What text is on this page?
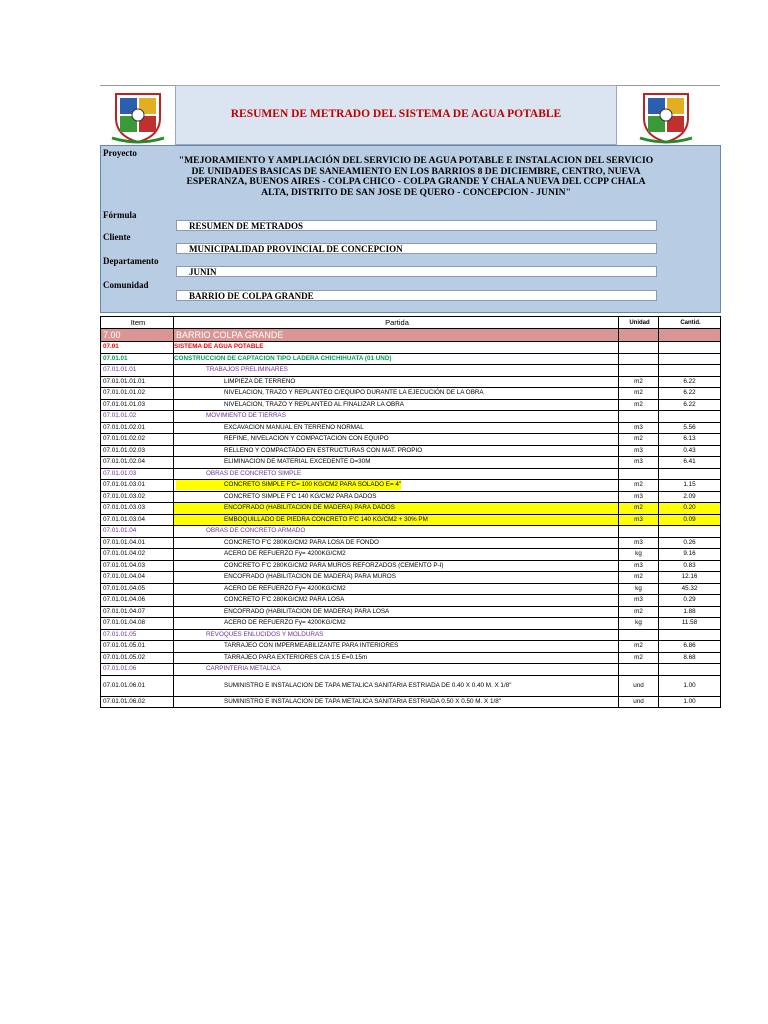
RESUMEN DE METRADO DEL SISTEMA DE AGUA POTABLE
Proyecto
"MEJORAMIENTO Y AMPLIACIÓN DEL SERVICIO DE AGUA POTABLE E INSTALACION DEL SERVICIO DE UNIDADES BASICAS DE SANEAMIENTO EN LOS BARRIOS 8 DE DICIEMBRE, CENTRO, NUEVA ESPERANZA, BUENOS AIRES - COLPA CHICO - COLPA GRANDE Y CHALA NUEVA DEL CCPP CHALA ALTA, DISTRITO DE SAN JOSE DE QUERO - CONCEPCION - JUNIN"
Fórmula
RESUMEN DE METRADOS
Cliente
MUNICIPALIDAD PROVINCIAL DE CONCEPCION
Departamento
JUNIN
Comunidad
BARRIO DE COLPA GRANDE
Item	Partida	Unidad	Cantid.
7.00	BARRIO COLPA GRANDE		
07.01	SISTEMA DE AGUA POTABLE		
07.01.01	CONSTRUCCION DE CAPTACION TIPO LADERA CHICHIHUATA (01 UND)		
07.01.01.01	TRABAJOS PRELIMINARES		
07.01.01.01.01	LIMPIEZA DE TERRENO	m2	6.22
07.01.01.01.02	NIVELACION, TRAZO Y REPLANTEO C/EQUIPO DURANTE LA EJECUCIÓN DE LA OBRA	m2	6.22
07.01.01.01.03	NIVELACION, TRAZO Y REPLANTEO AL FINALIZAR LA OBRA	m2	6.22
07.01.01.02	MOVIMIENTO DE TIERRAS		
07.01.01.02.01	EXCAVACION MANUAL EN TERRENO NORMAL	m3	5.56
07.01.01.02.02	REFINE, NIVELACION Y COMPACTACION CON EQUIPO	m2	6.13
07.01.01.02.03	RELLENO Y COMPACTADO EN ESTRUCTURAS CON MAT. PROPIO	m3	0.43
07.01.01.02.04	ELIMINACION DE MATERIAL EXCEDENTE D=30M	m3	6.41
07.01.01.03	OBRAS DE CONCRETO SIMPLE		
07.01.01.03.01	CONCRETO SIMPLE F'C= 100 KG/CM2 PARA SOLADO E= 4"	m2	1.15
07.01.01.03.02	CONCRETO SIMPLE F'C 140 KG/CM2 PARA DADOS	m3	2.09
07.01.01.03.03	ENCOFRADO (HABILITACION DE MADERA) PARA DADOS	m2	0.20
07.01.01.03.04	EMBOQUILLADO DE PIEDRA CONCRETO F'C 140 KG/CM2 + 30% PM	m3	0.09
07.01.01.04	OBRAS DE CONCRETO ARMADO		
07.01.01.04.01	CONCRETO F'C 280KG/CM2 PARA LOSA DE FONDO	m3	0.26
07.01.01.04.02	ACERO DE REFUERZO Fy= 4200KG/CM2	kg	9.16
07.01.01.04.03	CONCRETO F'C 280KG/CM2 PARA MUROS REFORZADOS (CEMENTO P-I)	m3	0.83
07.01.01.04.04	ENCOFRADO (HABILITACION DE MADERA) PARA MUROS	m2	12.16
07.01.01.04.05	ACERO DE REFUERZO Fy= 4200KG/CM2	kg	45.32
07.01.01.04.06	CONCRETO F'C 280KG/CM2 PARA LOSA	m3	0.29
07.01.01.04.07	ENCOFRADO (HABILITACION DE MADERA) PARA LOSA	m2	1.88
07.01.01.04.08	ACERO DE REFUERZO Fy= 4200KG/CM2	kg	11.58
07.01.01.05	REVOQUES ENLUCIDOS Y MOLDURAS		
07.01.01.05.01	TARRAJEO CON IMPERMEABILIZANTE PARA INTERIORES	m2	6.86
07.01.01.05.02	TARRAJEO PARA EXTERIORES C/A 1:5 E=0.15m	m2	8.68
07.01.01.06	CARPINTERIA METALICA		
07.01.01.06.01	SUMINISTRO E INSTALACION DE TAPA METALICA SANITARIA ESTRIADA DE 0.40 X 0.40 M. X 1/8"	und	1.00
07.01.01.06.02	SUMINISTRO E INSTALACION DE TAPA METALICA SANITARIA ESTRIADA 0.50 X 0.50 M. X 1/8"	und	1.00
